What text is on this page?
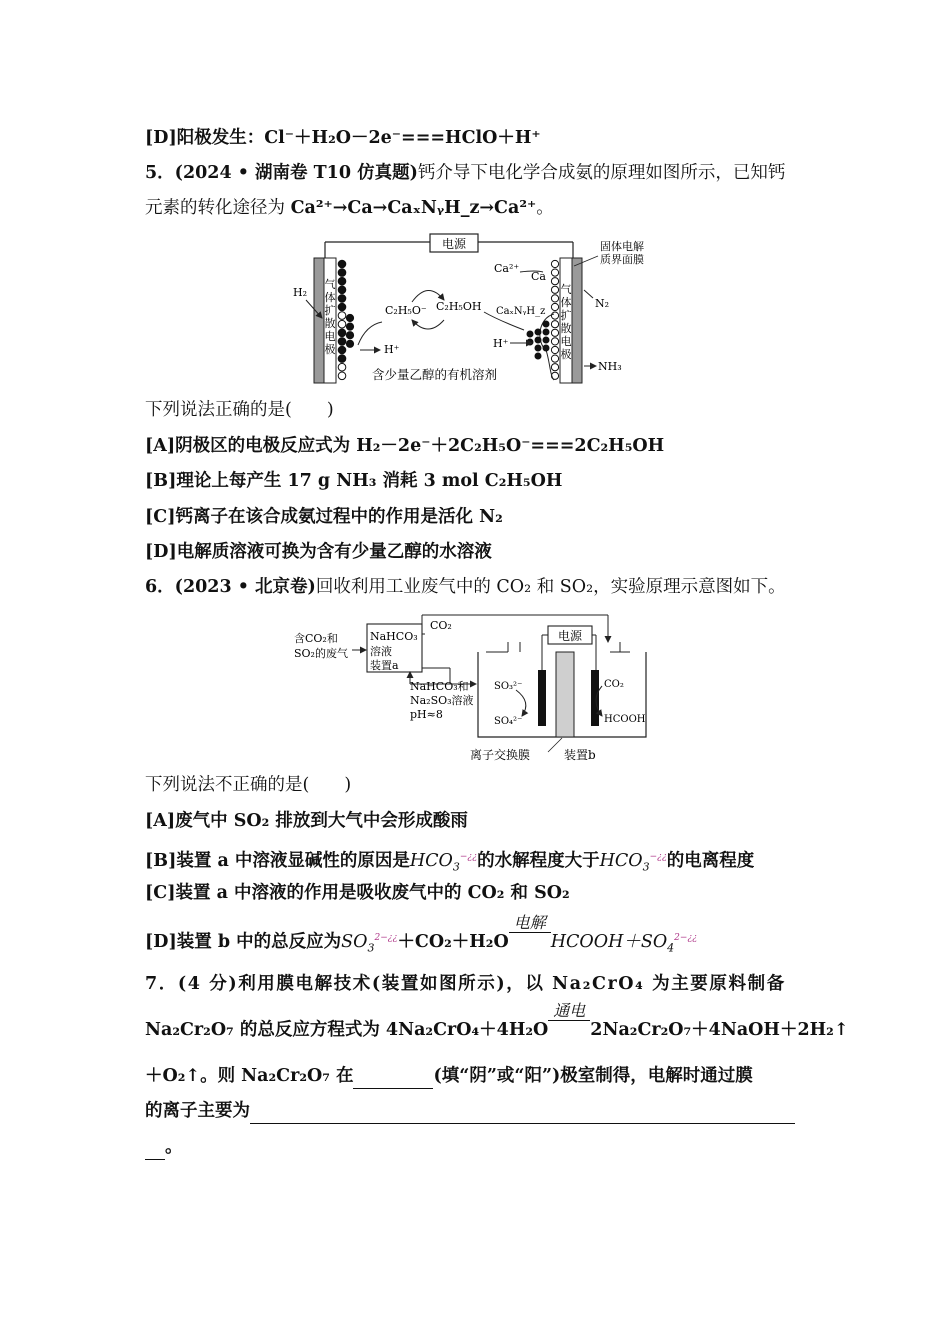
[D]阳极发生：Cl⁻＋H₂O－2e⁻===HClO＋H⁺
5．(2024 • 湖南卷 T10 仿真题)钙介导下电化学合成氨的原理如图所示，已知钙
元素的转化途径为 Ca²⁺→Ca→CaₓNᵧH_z→Ca²⁺。
电源
气
体
扩
散
电
极
H₂	气
体
扩
散
电
极
固体电解
质界面膜
N₂
NH₃
Ca²⁺
Ca
CaₓNᵧH_z
C₂H₅O⁻ C₂H₅OH
H⁺	H⁺
含少量乙醇的有机溶剂
下列说法正确的是(　　)
[A]阴极区的电极反应式为 H₂－2e⁻＋2C₂H₅O⁻===2C₂H₅OH
[B]理论上每产生 17 g NH₃ 消耗 3 mol C₂H₅OH
[C]钙离子在该合成氨过程中的作用是活化 N₂
[D]电解质溶液可换为含有少量乙醇的水溶液
6．(2023 • 北京卷)回收利用工业废气中的 CO₂ 和 SO₂，实验原理示意图如下。
含CO₂和
SO₂的废气
NaHCO₃
溶液
装置a
CO₂
NaHCO₃和
Na₂SO₃溶液
pH≈8
电源
SO₃²⁻
SO₄²⁻
CO₂
HCOOH
离子交换膜	装置b
下列说法不正确的是(　　)
[A]废气中 SO₂ 排放到大气中会形成酸雨
[B]装置 a 中溶液显碱性的原因是$HCO_3^{-¿¿}$的水解程度大于$HCO_3^{-¿¿}$的电离程度
[C]装置 a 中溶液的作用是吸收废气中的 CO₂ 和 SO₂
[D]装置 b 中的总反应为$SO_3^{2-¿¿}+CO_2+H_2O$
电解
$HCOOH+SO_4^{2-¿¿}$
7．(4 分)利用膜电解技术(装置如图所示)，以 Na₂CrO₄ 为主要原料制备
Na₂Cr₂O₇ 的总反应方程式为 4Na₂CrO₄＋4H₂O
通电
2Na₂Cr₂O₇＋4NaOH＋2H₂↑
＋O₂↑。则 Na₂Cr₂O₇ 在	(填“阴”或“阳”)极室制得，电解时通过膜
的离子主要为
。
